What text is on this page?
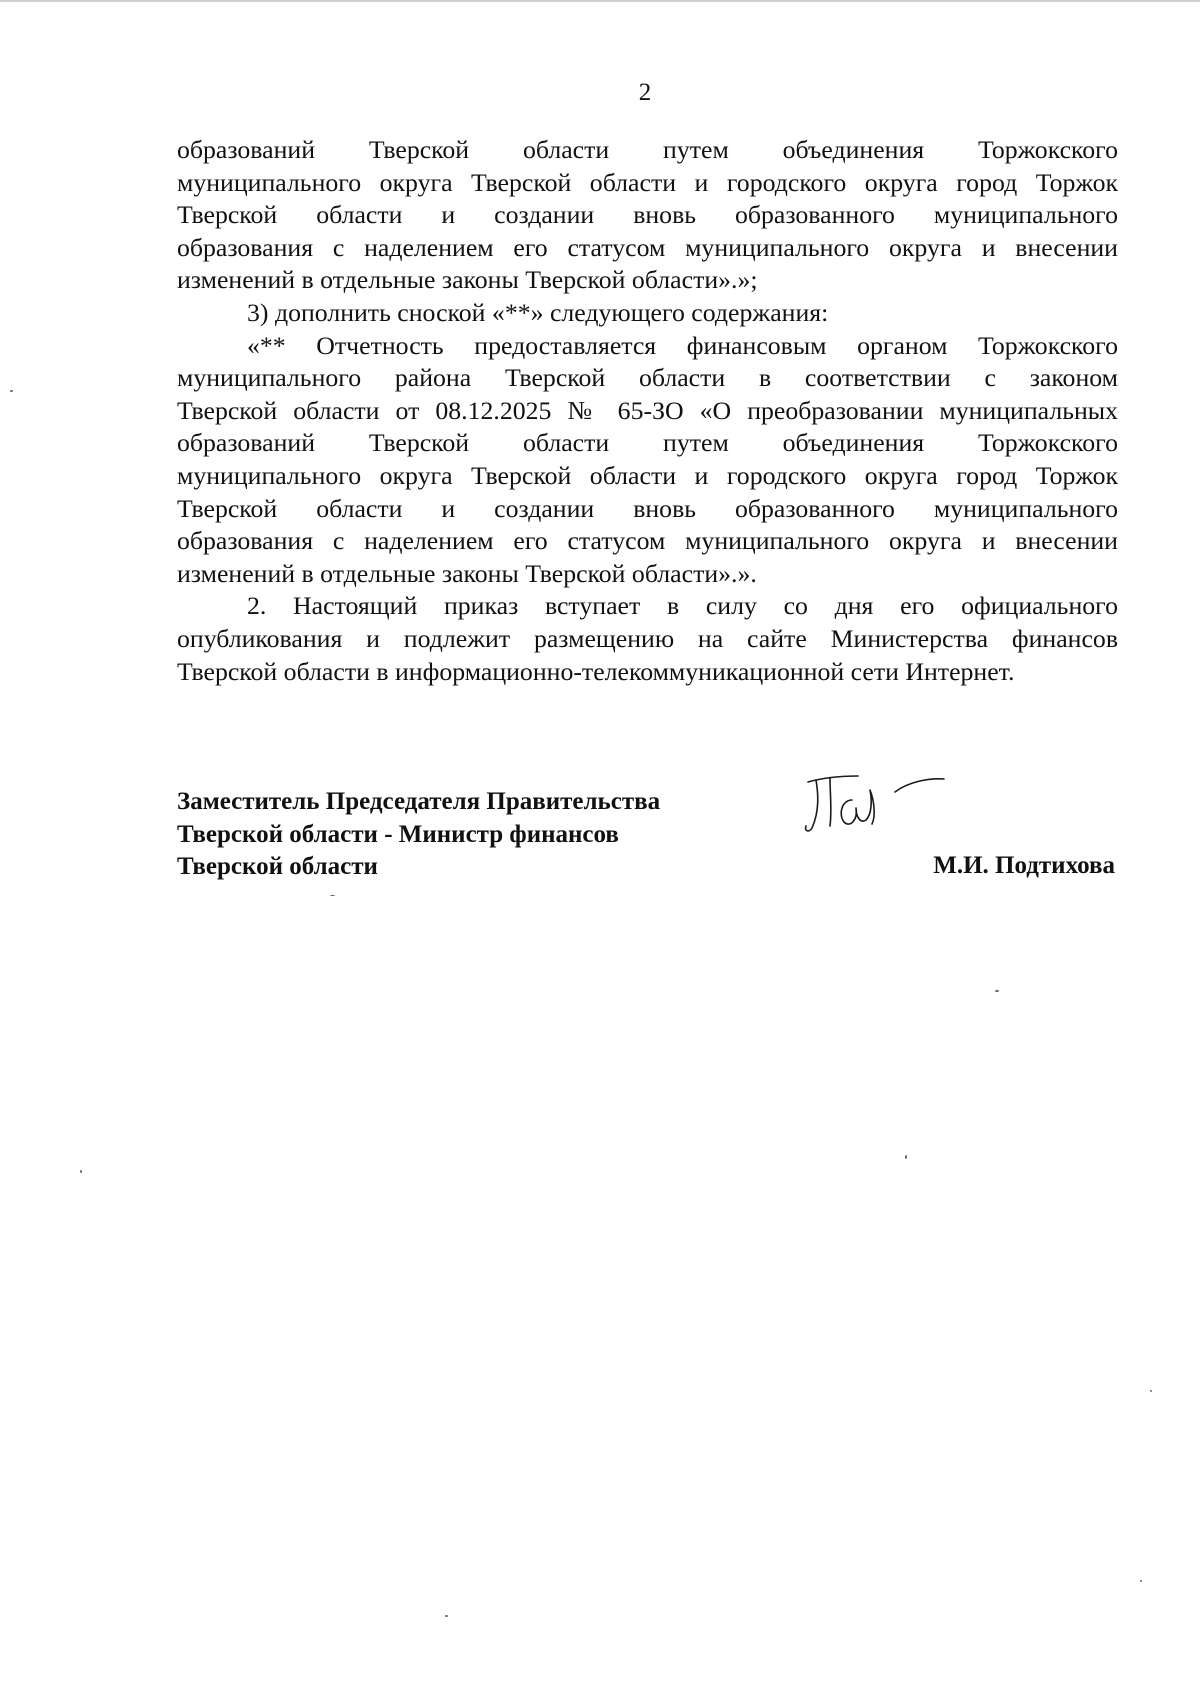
2
образований Тверской области путем объединения Торжокского
муниципального округа Тверской области и городского округа город Торжок
Тверской области и создании вновь образованного муниципального
образования с наделением его статусом муниципального округа и внесении
изменений в отдельные законы Тверской области».»;
3) дополнить сноской «**» следующего содержания:
«** Отчетность предоставляется финансовым органом Торжокского
муниципального района Тверской области в соответствии с законом
Тверской области от 08.12.2025 № 65-ЗО «О преобразовании муниципальных
образований Тверской области путем объединения Торжокского
муниципального округа Тверской области и городского округа город Торжок
Тверской области и создании вновь образованного муниципального
образования с наделением его статусом муниципального округа и внесении
изменений в отдельные законы Тверской области».».
2. Настоящий приказ вступает в силу со дня его официального
опубликования и подлежит размещению на сайте Министерства финансов
Тверской области в информационно-телекоммуникационной сети Интернет.
Заместитель Председателя Правительства
Тверской области - Министр финансов
Тверской области	М.И. Подтихова
